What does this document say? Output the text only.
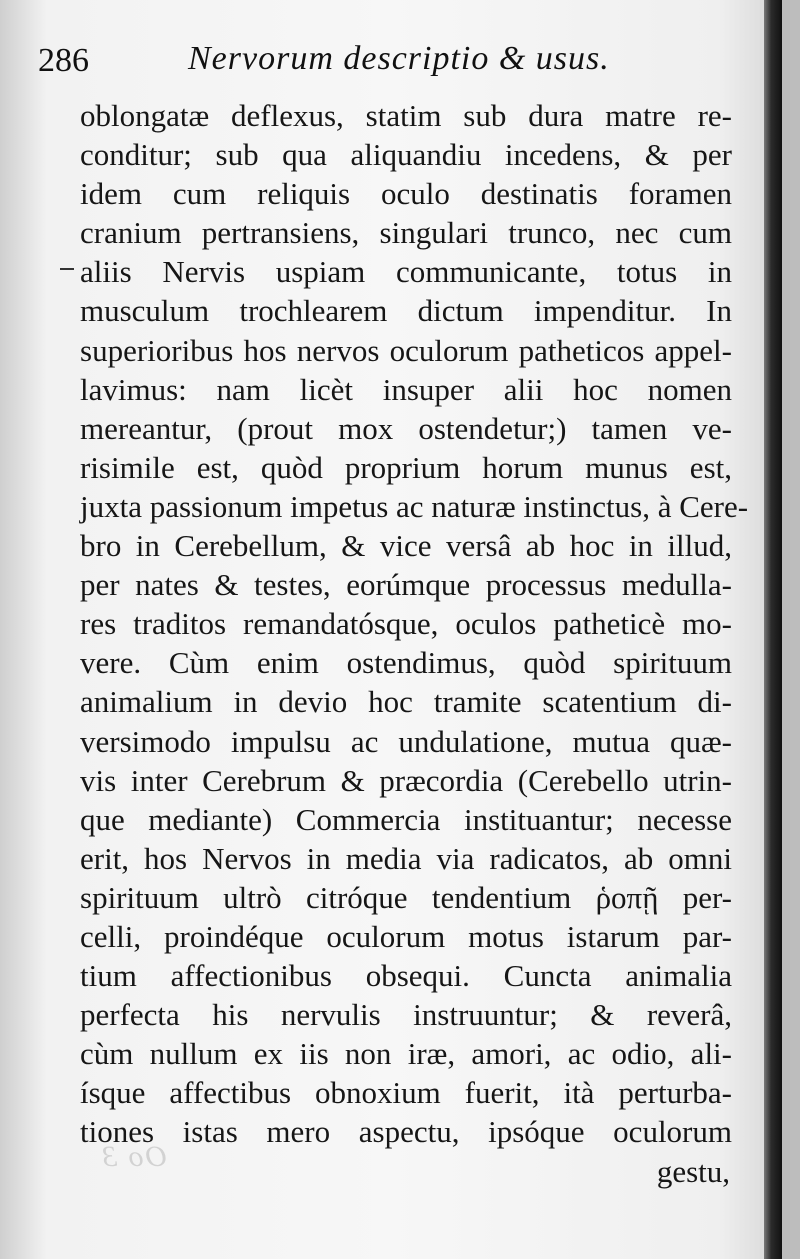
286	Nervorum descriptio & usus.
oblongatæ deflexus, statim sub dura matre re-
conditur; sub qua aliquandiu incedens, & per
idem cum reliquis oculo destinatis foramen
cranium pertransiens, singulari trunco, nec cum
aliis Nervis uspiam communicante, totus in
musculum trochlearem dictum impenditur. In
superioribus hos nervos oculorum patheticos appel-
lavimus: nam licèt insuper alii hoc nomen
mereantur, (prout mox ostendetur;) tamen ve-
risimile est, quòd proprium horum munus est,
juxta passionum impetus ac naturæ instinctus, à Cere-
bro in Cerebellum, & vice versâ ab hoc in illud,
per nates & testes, eorúmque processus medulla-
res traditos remandatósque, oculos patheticè mo-
vere. Cùm enim ostendimus, quòd spirituum
animalium in devio hoc tramite scatentium di-
versimodo impulsu ac undulatione, mutua quæ-
vis inter Cerebrum & præcordia (Cerebello utrin-
que mediante) Commercia instituantur; necesse
erit, hos Nervos in media via radicatos, ab omni
spirituum ultrò citróque tendentium ῥοπῇ per-
celli, proindéque oculorum motus istarum par-
tium affectionibus obsequi. Cuncta animalia
perfecta his nervulis instruuntur; & reverâ,
cùm nullum ex iis non iræ, amori, ac odio, ali-
ísque affectibus obnoxium fuerit, ità perturba-
tiones istas mero aspectu, ipsóque oculorum
gestu,
Oo 3
